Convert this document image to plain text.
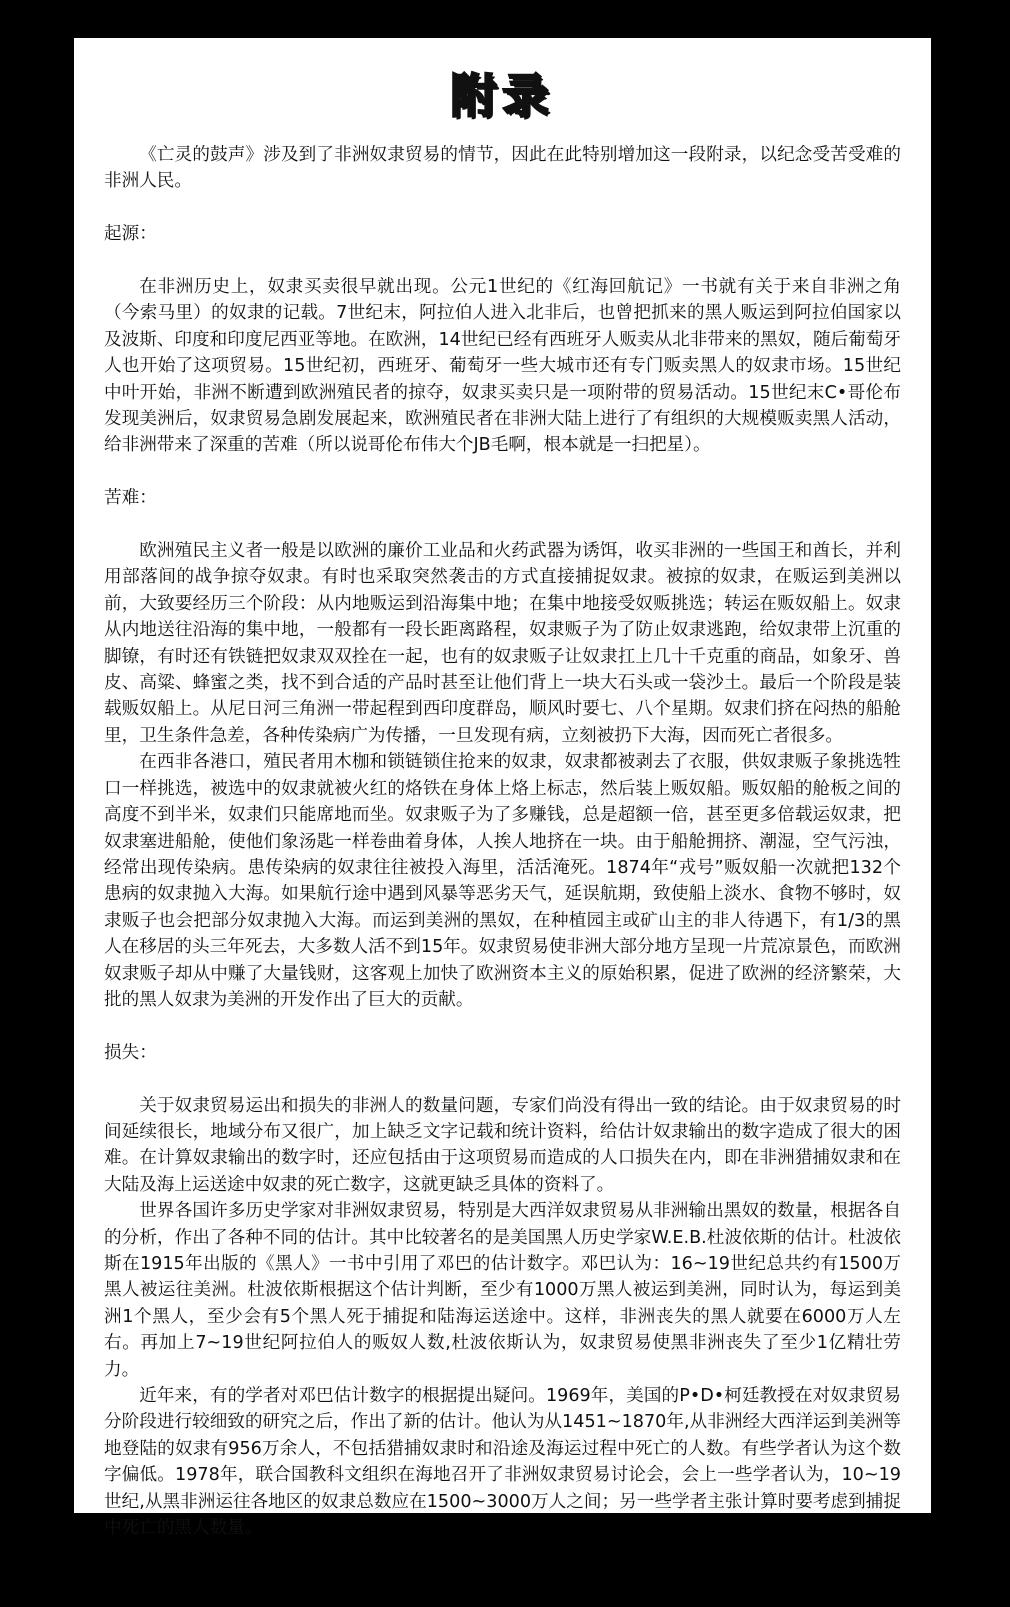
附录

《亡灵的鼓声》涉及到了非洲奴隶贸易的情节，因此在此特别增加这一段附录，以纪念受苦受难的非洲人民。

起源：

在非洲历史上，奴隶买卖很早就出现。公元1世纪的《红海回航记》一书就有关于来自非洲之角（今索马里）的奴隶的记载。7世纪末，阿拉伯人进入北非后，也曾把抓来的黑人贩运到阿拉伯国家以及波斯、印度和印度尼西亚等地。在欧洲，14世纪已经有西班牙人贩卖从北非带来的黑奴，随后葡萄牙人也开始了这项贸易。15世纪初，西班牙、葡萄牙一些大城市还有专门贩卖黑人的奴隶市场。15世纪中叶开始，非洲不断遭到欧洲殖民者的掠夺，奴隶买卖只是一项附带的贸易活动。15世纪末C•哥伦布发现美洲后，奴隶贸易急剧发展起来，欧洲殖民者在非洲大陆上进行了有组织的大规模贩卖黑人活动，给非洲带来了深重的苦难（所以说哥伦布伟大个JB毛啊，根本就是一扫把星）。

苦难：

欧洲殖民主义者一般是以欧洲的廉价工业品和火药武器为诱饵，收买非洲的一些国王和酋长，并利用部落间的战争掠夺奴隶。有时也采取突然袭击的方式直接捕捉奴隶。被掠的奴隶，在贩运到美洲以前，大致要经历三个阶段：从内地贩运到沿海集中地；在集中地接受奴贩挑选；转运在贩奴船上。奴隶从内地送往沿海的集中地，一般都有一段长距离路程，奴隶贩子为了防止奴隶逃跑，给奴隶带上沉重的脚镣，有时还有铁链把奴隶双双拴在一起，也有的奴隶贩子让奴隶扛上几十千克重的商品，如象牙、兽皮、高粱、蜂蜜之类，找不到合适的产品时甚至让他们背上一块大石头或一袋沙土。最后一个阶段是装载贩奴船上。从尼日河三角洲一带起程到西印度群岛，顺风时要七、八个星期。奴隶们挤在闷热的船舱里，卫生条件急差，各种传染病广为传播，一旦发现有病，立刻被扔下大海，因而死亡者很多。

在西非各港口，殖民者用木枷和锁链锁住抢来的奴隶，奴隶都被剥去了衣服，供奴隶贩子象挑选牲口一样挑选，被选中的奴隶就被火红的烙铁在身体上烙上标志，然后装上贩奴船。贩奴船的舱板之间的高度不到半米，奴隶们只能席地而坐。奴隶贩子为了多赚钱，总是超额一倍，甚至更多倍载运奴隶，把奴隶塞进船舱，使他们象汤匙一样卷曲着身体，人挨人地挤在一块。由于船舱拥挤、潮湿，空气污浊，经常出现传染病。患传染病的奴隶往往被投入海里，活活淹死。1874年“戎号”贩奴船一次就把132个患病的奴隶抛入大海。如果航行途中遇到风暴等恶劣天气，延误航期，致使船上淡水、食物不够时，奴隶贩子也会把部分奴隶抛入大海。而运到美洲的黑奴，在种植园主或矿山主的非人待遇下，有1/3的黑人在移居的头三年死去，大多数人活不到15年。奴隶贸易使非洲大部分地方呈现一片荒凉景色，而欧洲奴隶贩子却从中赚了大量钱财，这客观上加快了欧洲资本主义的原始积累，促进了欧洲的经济繁荣，大批的黑人奴隶为美洲的开发作出了巨大的贡献。

损失：

关于奴隶贸易运出和损失的非洲人的数量问题，专家们尚没有得出一致的结论。由于奴隶贸易的时间延续很长，地域分布又很广，加上缺乏文字记载和统计资料，给估计奴隶输出的数字造成了很大的困难。在计算奴隶输出的数字时，还应包括由于这项贸易而造成的人口损失在内，即在非洲猎捕奴隶和在大陆及海上运送途中奴隶的死亡数字，这就更缺乏具体的资料了。

世界各国许多历史学家对非洲奴隶贸易，特别是大西洋奴隶贸易从非洲输出黑奴的数量，根据各自的分析，作出了各种不同的估计。其中比较著名的是美国黑人历史学家W.E.B.杜波依斯的估计。杜波依斯在1915年出版的《黑人》一书中引用了邓巴的估计数字。邓巴认为：16~19世纪总共约有1500万黑人被运往美洲。杜波依斯根据这个估计判断，至少有1000万黑人被运到美洲，同时认为，每运到美洲1个黑人，至少会有5个黑人死于捕捉和陆海运送途中。这样，非洲丧失的黑人就要在6000万人左右。再加上7~19世纪阿拉伯人的贩奴人数,杜波依斯认为，奴隶贸易使黑非洲丧失了至少1亿精壮劳力。

近年来，有的学者对邓巴估计数字的根据提出疑问。1969年，美国的P•D•柯廷教授在对奴隶贸易分阶段进行较细致的研究之后，作出了新的估计。他认为从1451~1870年,从非洲经大西洋运到美洲等地登陆的奴隶有956万余人，不包括猎捕奴隶时和沿途及海运过程中死亡的人数。有些学者认为这个数字偏低。1978年，联合国教科文组织在海地召开了非洲奴隶贸易讨论会，会上一些学者认为，10~19世纪,从黑非洲运往各地区的奴隶总数应在1500~3000万人之间；另一些学者主张计算时要考虑到捕捉中死亡的黑人数量。
